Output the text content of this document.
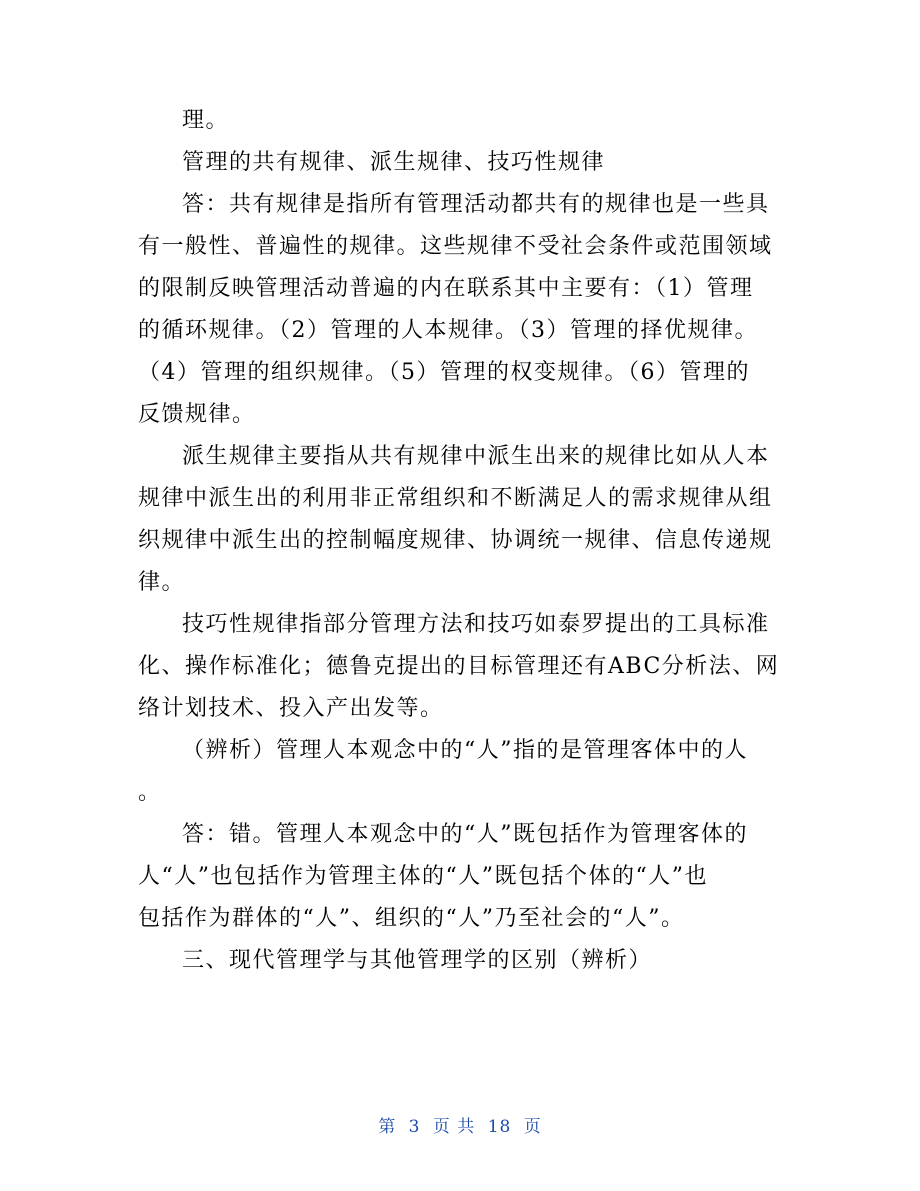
理。

管理的共有规律、派生规律、技巧性规律

答：共有规律是指所有管理活动都共有的规律也是一些具

有一般性、普遍性的规律。这些规律不受社会条件或范围领域

的限制反映管理活动普遍的内在联系其中主要有：（1）管理

的循环规律。（2）管理的人本规律。（3）管理的择优规律。

（4）管理的组织规律。（5）管理的权变规律。（6）管理的

反馈规律。

派生规律主要指从共有规律中派生出来的规律比如从人本

规律中派生出的利用非正常组织和不断满足人的需求规律从组

织规律中派生出的控制幅度规律、协调统一规律、信息传递规

律。

技巧性规律指部分管理方法和技巧如泰罗提出的工具标准

化、操作标准化；德鲁克提出的目标管理还有ABC分析法、网

络计划技术、投入产出发等。

（辨析）管理人本观念中的“人”指的是管理客体中的人

。

答：错。管理人本观念中的“人”既包括作为管理客体的

人“人”也包括作为管理主体的“人”既包括个体的“人”也

包括作为群体的“人”、组织的“人”乃至社会的“人”。

三、现代管理学与其他管理学的区别（辨析）

第 3 页 共 18 页
